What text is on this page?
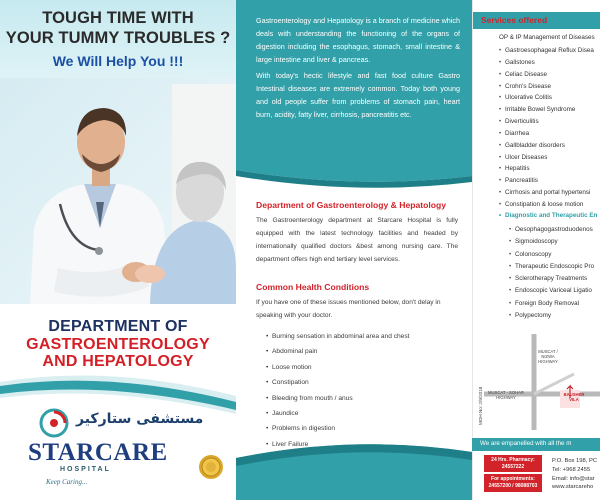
TOUGH TIME WITH
YOUR TUMMY TROUBLES ?
We Will Help You !!!
DEPARTMENT OF
GASTROENTEROLOGY
AND HEPATOLOGY
مستشفى ستاركير
STARCARE
HOSPITAL
Keep Caring...

Gastroenterology and Hepatology is a branch of medicine which deals with understanding the functioning of the organs of digestion including the esophagus, stomach, small intestine & large intestine and liver & pancreas.

With today's hectic lifestyle and fast food culture Gastro Intestinal diseases are extremely common. Today both young and old people suffer from problems of stomach pain, heart burn, acidity, fatty liver, cirrhosis, pancreatitis etc.

Department of Gastroenterology & Hepatology
The Gastroenterology department at Starcare Hospital is fully equipped with the latest technology facilities and headed by internationally qualified doctors &best among nursing care. The department offers high end tertiary level services.
Common Health Conditions
If you have one of these issues mentioned below, don't delay in speaking with your doctor.
• Burning sensation in abdominal area and chest
• Abdominal pain
• Loose motion
• Constipation
• Bleeding from mouth / anus
• Jaundice
• Problems in digestion
• Liver Failure
Services offered
OP & IP Management of Diseases
• Gastroesophageal Reflux Disea
• Gallstones
• Celiac Disease
• Crohn's Disease
• Ulcerative Colitis
• Irritable Bowel Syndrome
• Diverticulitis
• Diarrhea
• Gallbladder disorders
• Ulcer Diseases
• Hepatitis
• Pancreatitis
• Cirrhosis and portal hypertensi
• Constipation & loose motion
• Diagnostic and Therapeutic En
• Oesophagogastroduodenos
• Sigmoidoscopy
• Colonoscopy
• Therapeutic Endoscopic Pro
• Sclerotherapy Treatments
• Endoscopic Variceal Ligatio
• Foreign Body Removal
• Polypectomy
MOH No: 2/9/2018
MUSCAT / NIZWA HIGHWAY
MUSCAT - SOHAR HIGHWAY
BAUSHER VILA
We are empanelled with all the m
24 Hrs. Pharmacy:
24557222
For appointments:
24557200 / 98088703
P.O. Box 198, PC
Tel: +968 2455
Email: info@star
www.starcareho
